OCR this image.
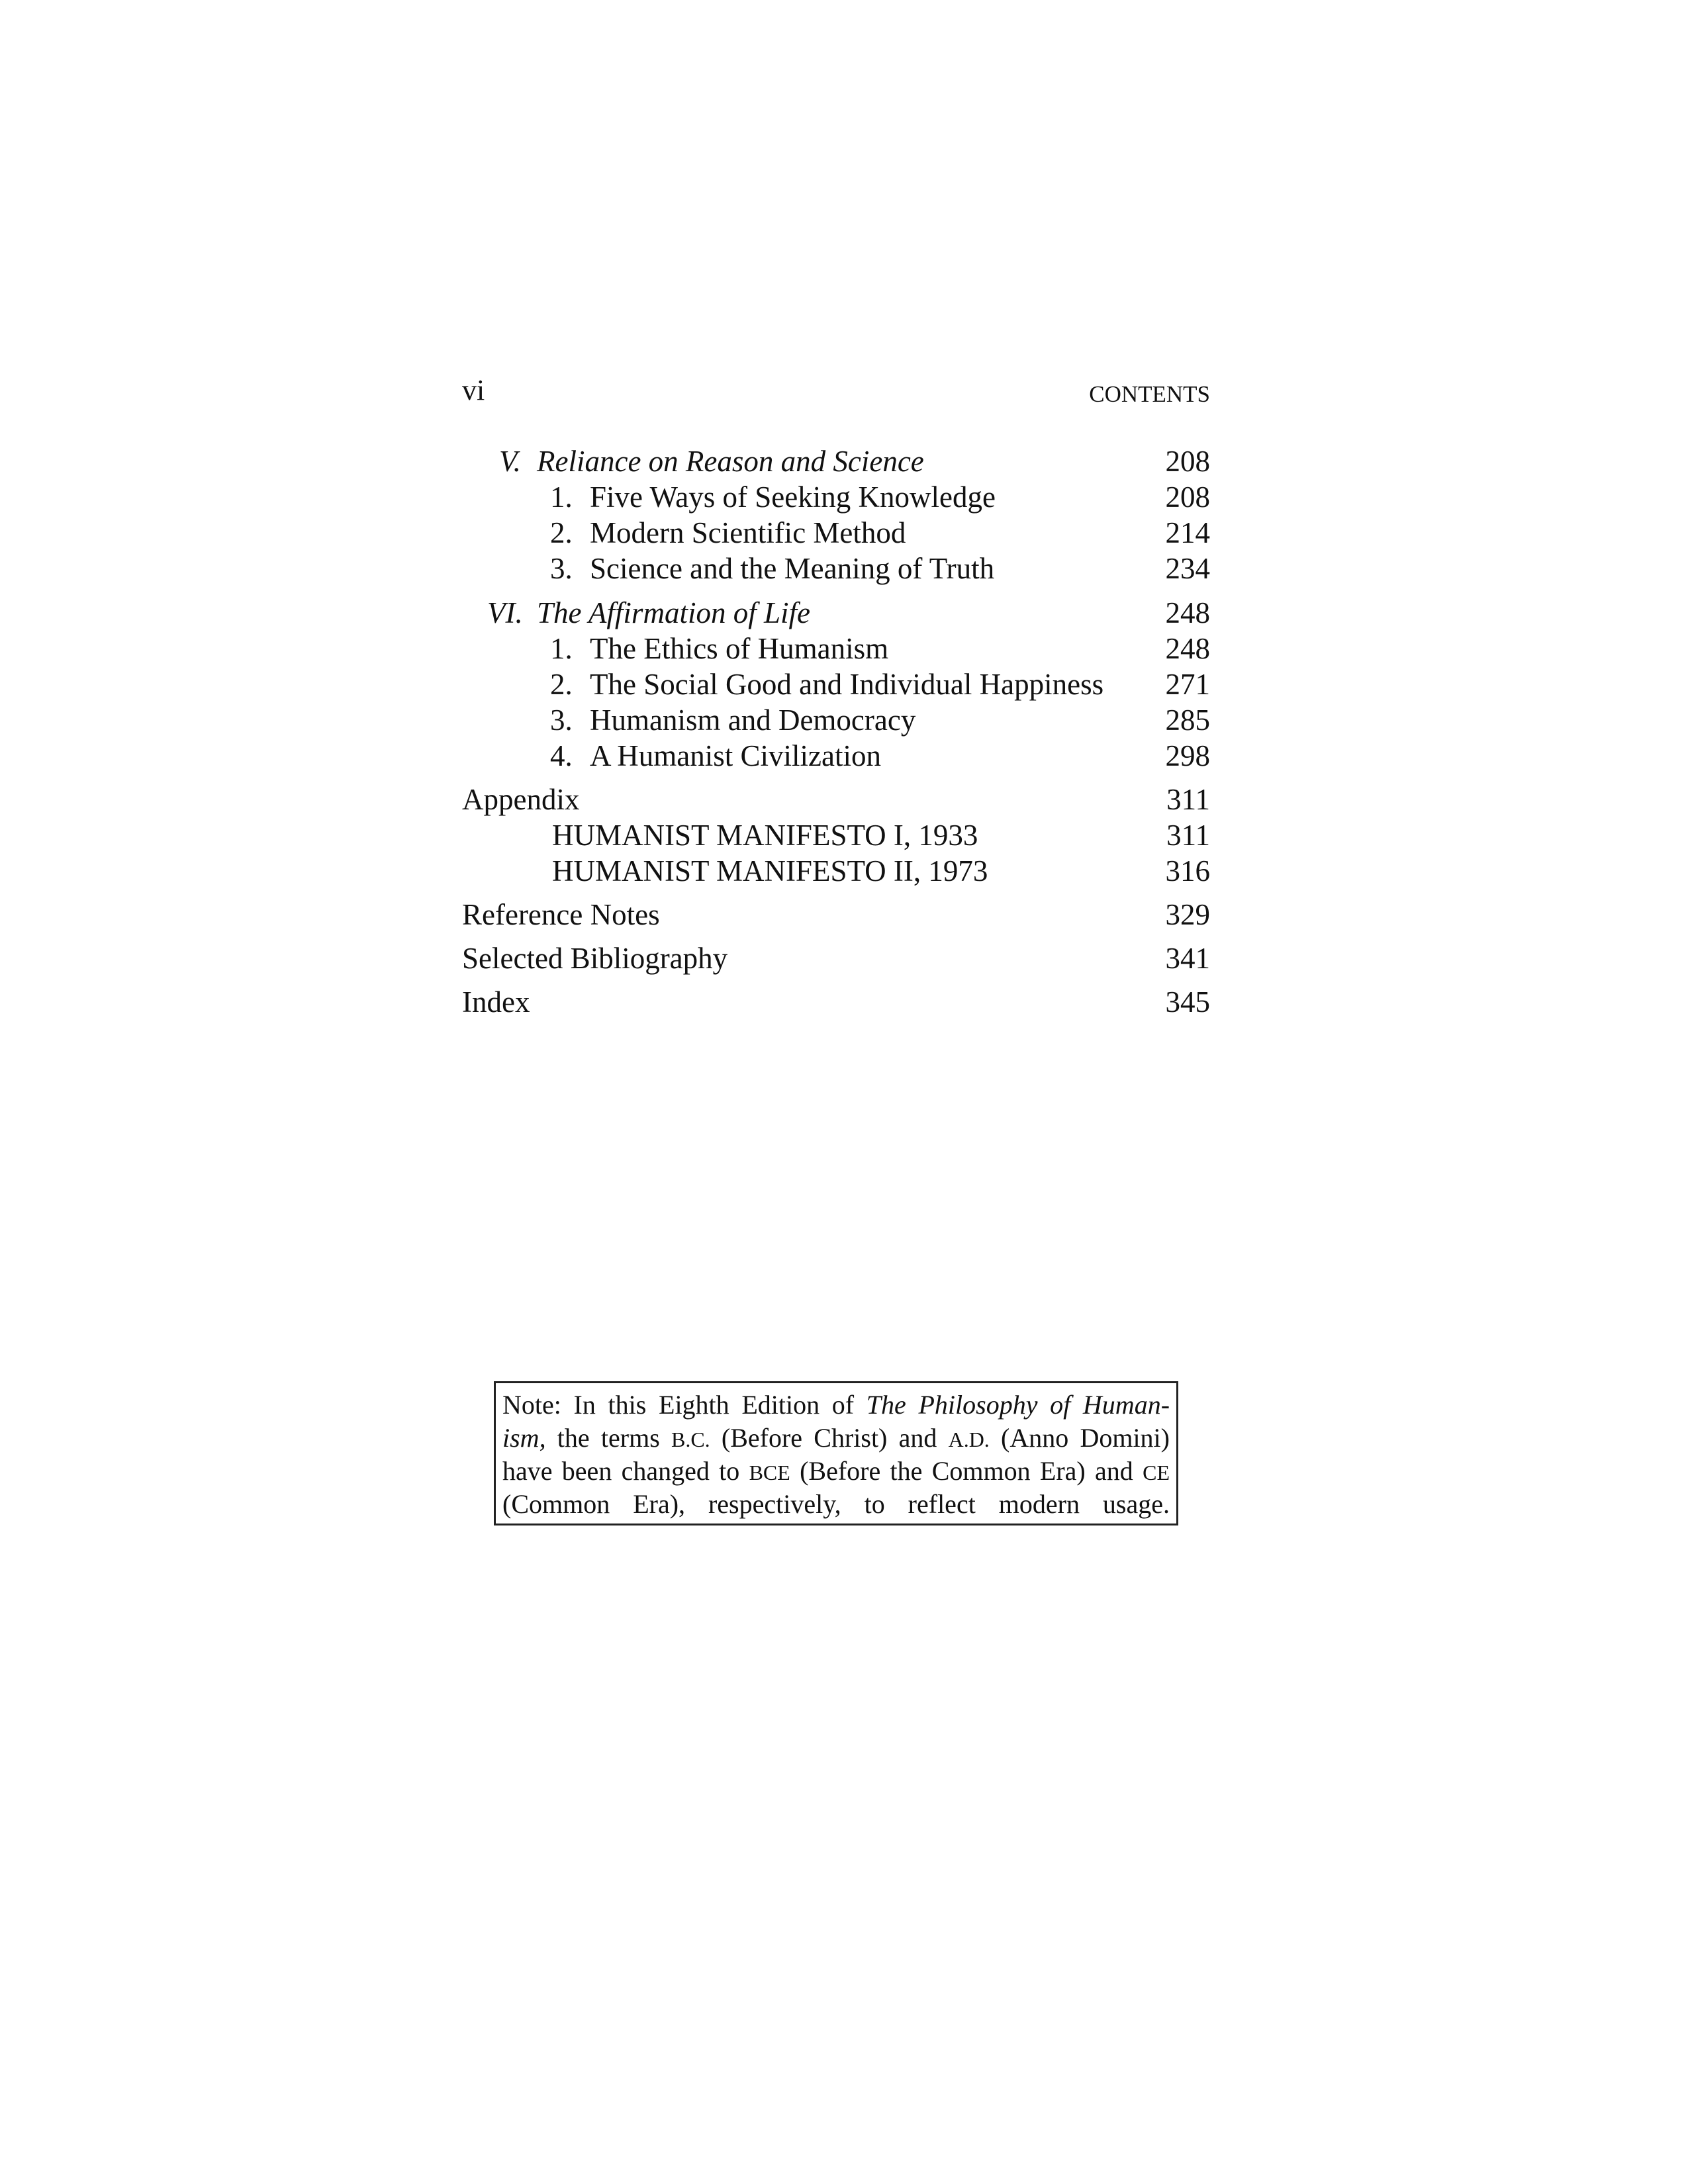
vi	CONTENTS
V. Reliance on Reason and Science	208
1. Five Ways of Seeking Knowledge	208
2. Modern Scientific Method	214
3. Science and the Meaning of Truth	234
VI. The Affirmation of Life	248
1. The Ethics of Humanism	248
2. The Social Good and Individual Happiness 271
3. Humanism and Democracy	285
4. A Humanist Civilization	298
Appendix	311
HUMANIST MANIFESTO I, 1933	311
HUMANIST MANIFESTO II, 1973	316
Reference Notes	329
Selected Bibliography	341
Index	345
Note: In this Eighth Edition of The Philosophy of Human-
ism, the terms B.C. (Before Christ) and A.D. (Anno Domini)
have been changed to BCE (Before the Common Era) and CE
(Common Era), respectively, to reflect modern usage.
